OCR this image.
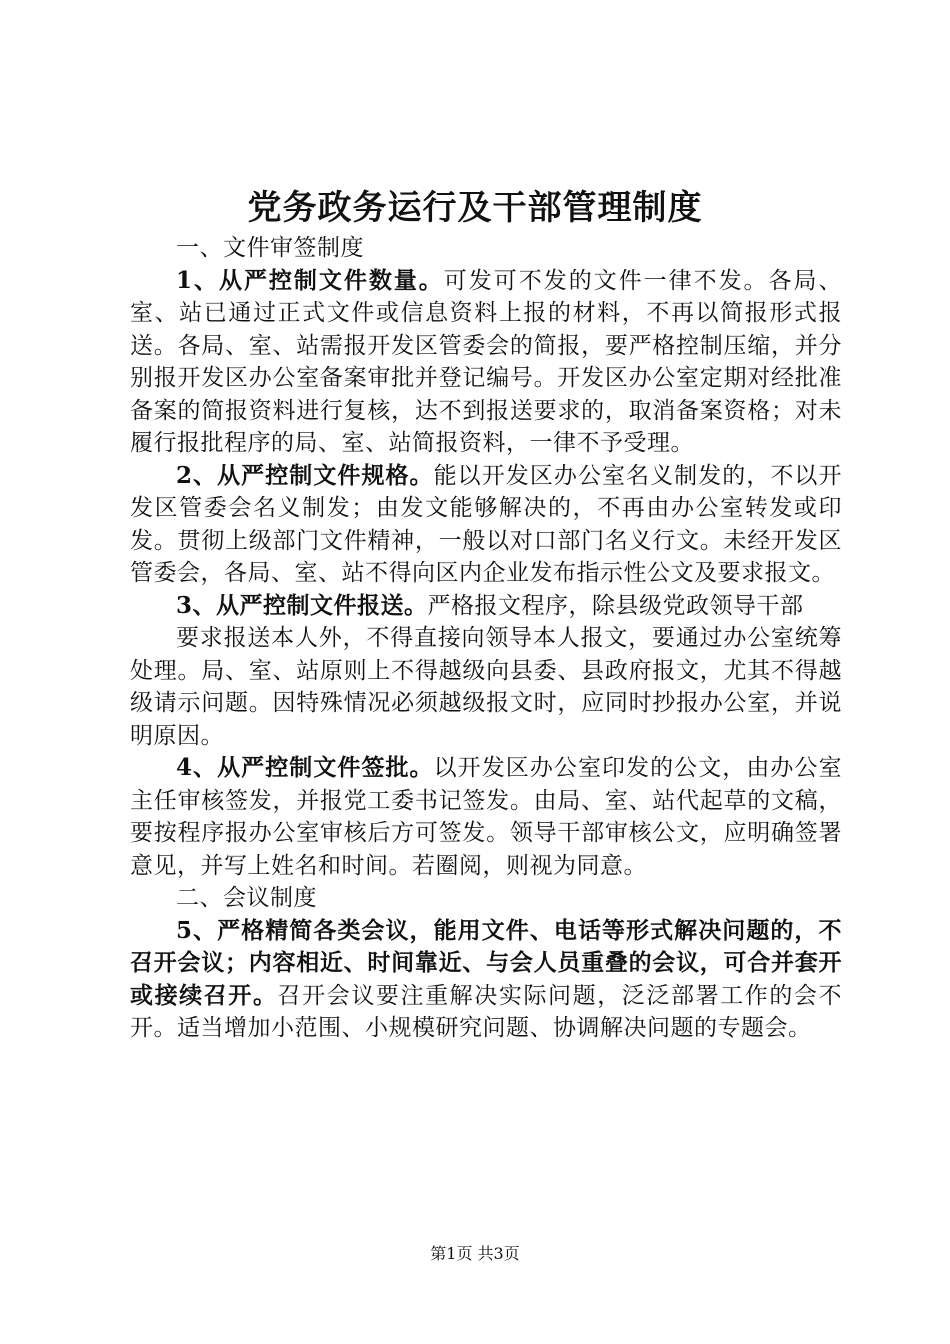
党务政务运行及干部管理制度

一、文件审签制度

1、从严控制文件数量。可发可不发的文件一律不发。各局、室、站已通过正式文件或信息资料上报的材料，不再以简报形式报送。各局、室、站需报开发区管委会的简报，要严格控制压缩，并分别报开发区办公室备案审批并登记编号。开发区办公室定期对经批准备案的简报资料进行复核，达不到报送要求的，取消备案资格；对未履行报批程序的局、室、站简报资料，一律不予受理。

2、从严控制文件规格。能以开发区办公室名义制发的，不以开发区管委会名义制发；由发文能够解决的，不再由办公室转发或印发。贯彻上级部门文件精神，一般以对口部门名义行文。未经开发区管委会，各局、室、站不得向区内企业发布指示性公文及要求报文。

3、从严控制文件报送。严格报文程序，除县级党政领导干部

要求报送本人外，不得直接向领导本人报文，要通过办公室统筹处理。局、室、站原则上不得越级向县委、县政府报文，尤其不得越级请示问题。因特殊情况必须越级报文时，应同时抄报办公室，并说明原因。

4、从严控制文件签批。以开发区办公室印发的公文，由办公室主任审核签发，并报党工委书记签发。由局、室、站代起草的文稿，要按程序报办公室审核后方可签发。领导干部审核公文，应明确签署意见，并写上姓名和时间。若圈阅，则视为同意。

二、会议制度

5、严格精简各类会议，能用文件、电话等形式解决问题的，不召开会议；内容相近、时间靠近、与会人员重叠的会议，可合并套开或接续召开。召开会议要注重解决实际问题，泛泛部署工作的会不开。适当增加小范围、小规模研究问题、协调解决问题的专题会。

第1页 共3页
